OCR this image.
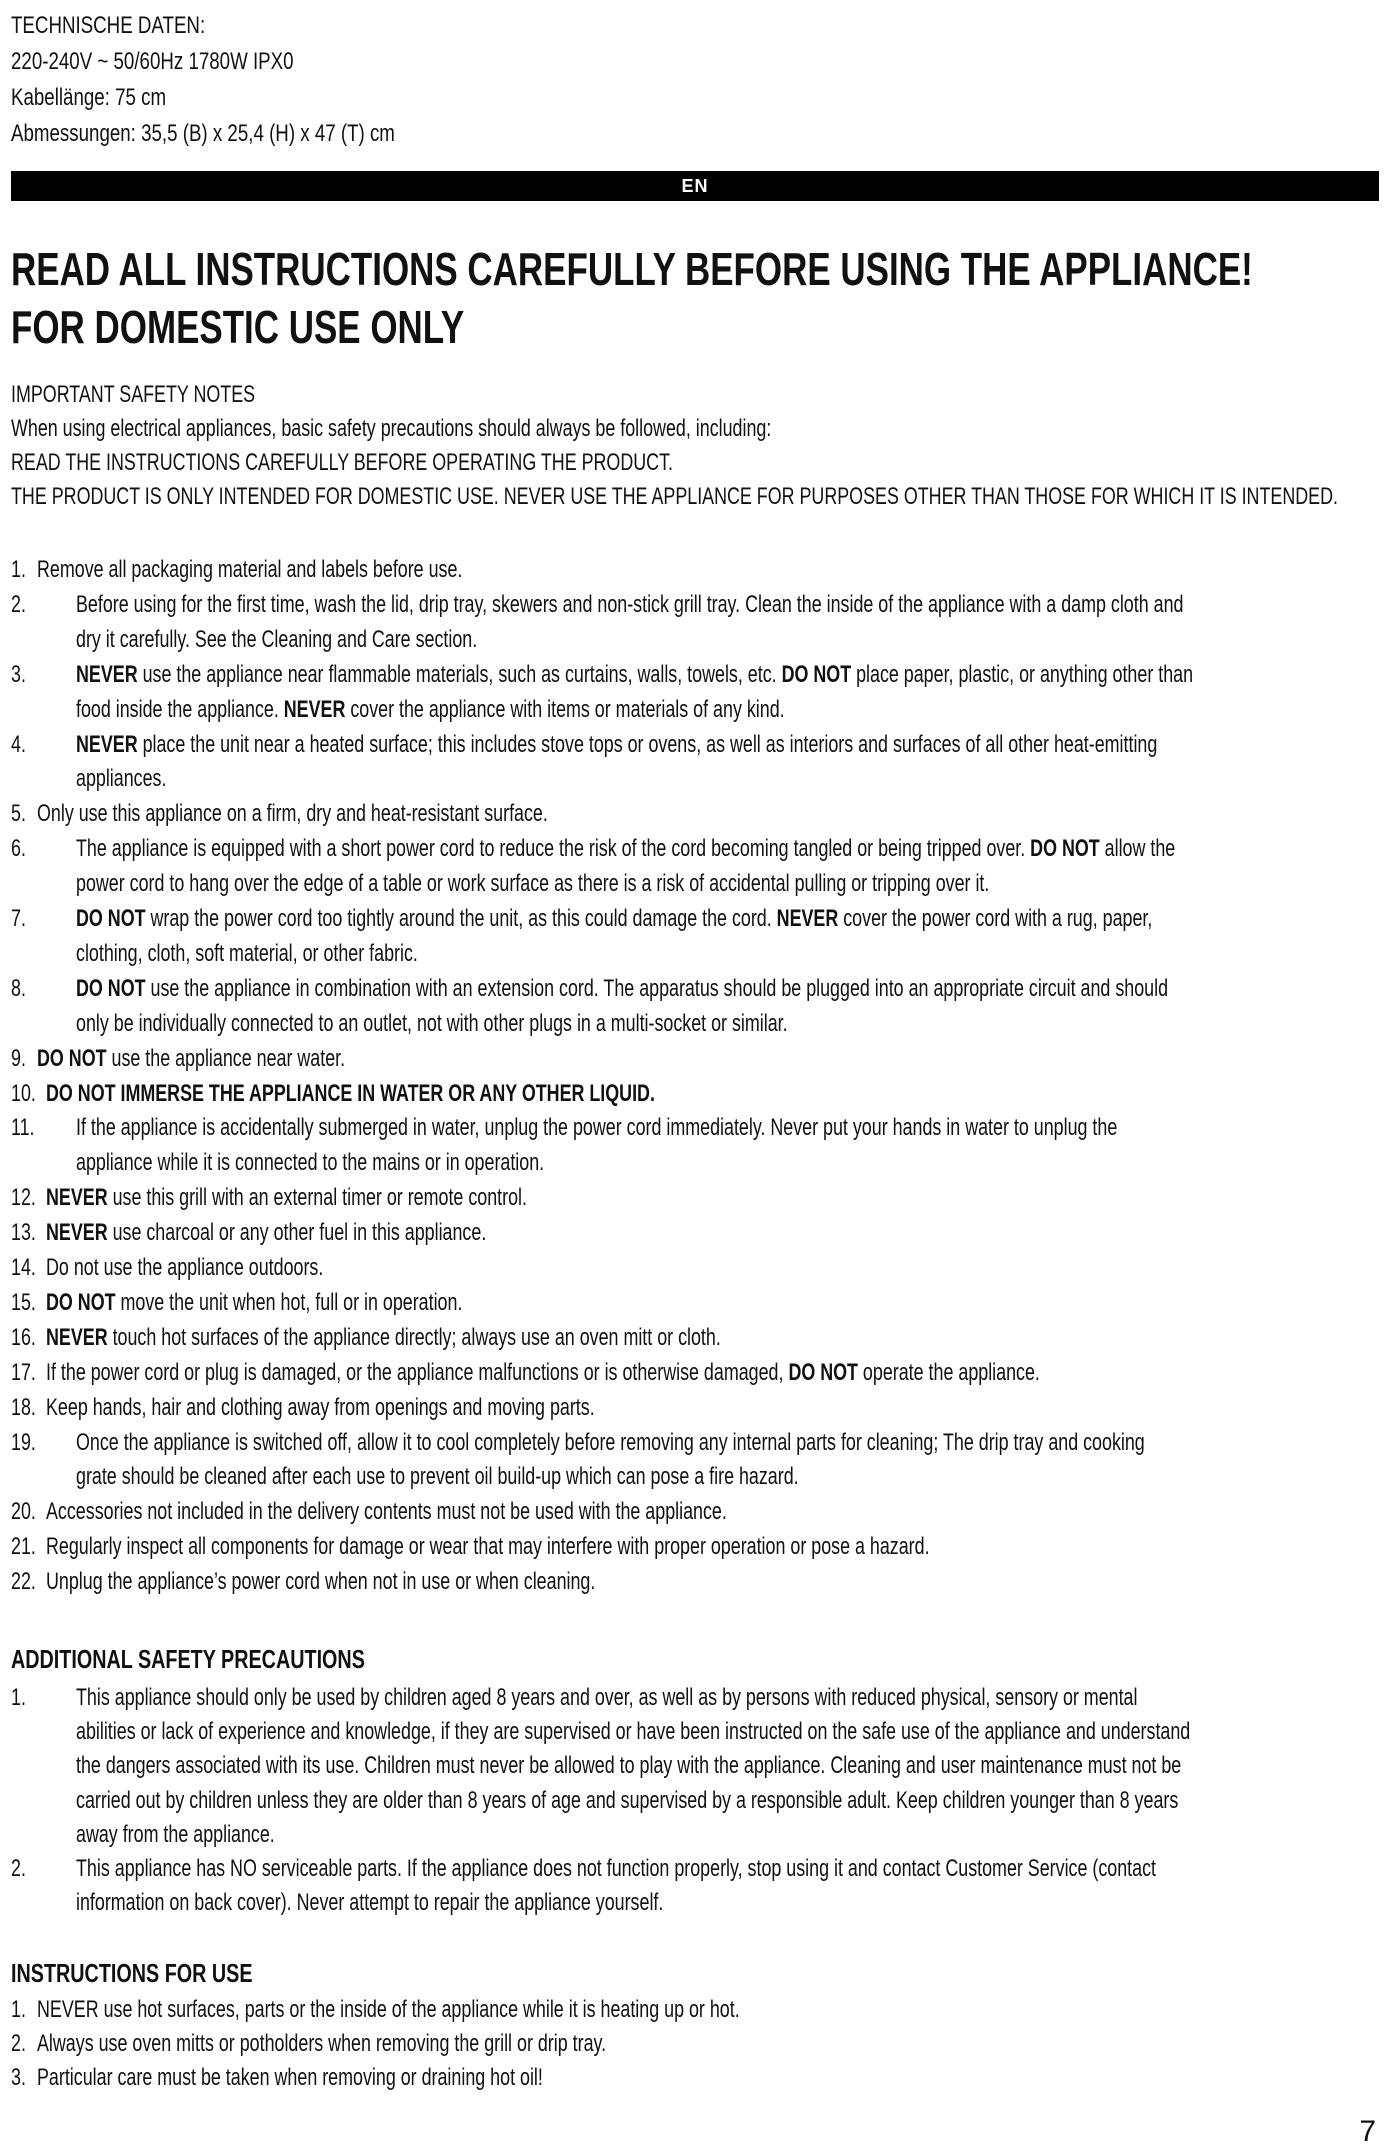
TECHNISCHE DATEN:
220-240V ~ 50/60Hz 1780W IPX0
Kabellänge: 75 cm
Abmessungen: 35,5 (B) x 25,4 (H) x 47 (T) cm
EN
READ ALL INSTRUCTIONS CAREFULLY BEFORE USING THE APPLIANCE!
FOR DOMESTIC USE ONLY
IMPORTANT SAFETY NOTES
When using electrical appliances, basic safety precautions should always be followed, including:
READ THE INSTRUCTIONS CAREFULLY BEFORE OPERATING THE PRODUCT.
THE PRODUCT IS ONLY INTENDED FOR DOMESTIC USE. NEVER USE THE APPLIANCE FOR PURPOSES OTHER THAN THOSE FOR WHICH IT IS INTENDED.
1. Remove all packaging material and labels before use.
2. Before using for the first time, wash the lid, drip tray, skewers and non-stick grill tray. Clean the inside of the appliance with a damp cloth and
dry it carefully. See the Cleaning and Care section.
3. NEVER use the appliance near flammable materials, such as curtains, walls, towels, etc. DO NOT place paper, plastic, or anything other than
food inside the appliance. NEVER cover the appliance with items or materials of any kind.
4. NEVER place the unit near a heated surface; this includes stove tops or ovens, as well as interiors and surfaces of all other heat-emitting
appliances.
5. Only use this appliance on a firm, dry and heat-resistant surface.
6. The appliance is equipped with a short power cord to reduce the risk of the cord becoming tangled or being tripped over. DO NOT allow the
power cord to hang over the edge of a table or work surface as there is a risk of accidental pulling or tripping over it.
7. DO NOT wrap the power cord too tightly around the unit, as this could damage the cord. NEVER cover the power cord with a rug, paper,
clothing, cloth, soft material, or other fabric.
8. DO NOT use the appliance in combination with an extension cord. The apparatus should be plugged into an appropriate circuit and should
only be individually connected to an outlet, not with other plugs in a multi-socket or similar.
9. DO NOT use the appliance near water.
10. DO NOT IMMERSE THE APPLIANCE IN WATER OR ANY OTHER LIQUID.
11. If the appliance is accidentally submerged in water, unplug the power cord immediately. Never put your hands in water to unplug the
appliance while it is connected to the mains or in operation.
12. NEVER use this grill with an external timer or remote control.
13. NEVER use charcoal or any other fuel in this appliance.
14. Do not use the appliance outdoors.
15. DO NOT move the unit when hot, full or in operation.
16. NEVER touch hot surfaces of the appliance directly; always use an oven mitt or cloth.
17. If the power cord or plug is damaged, or the appliance malfunctions or is otherwise damaged, DO NOT operate the appliance.
18. Keep hands, hair and clothing away from openings and moving parts.
19. Once the appliance is switched off, allow it to cool completely before removing any internal parts for cleaning; The drip tray and cooking
grate should be cleaned after each use to prevent oil build-up which can pose a fire hazard.
20. Accessories not included in the delivery contents must not be used with the appliance.
21. Regularly inspect all components for damage or wear that may interfere with proper operation or pose a hazard.
22. Unplug the appliance’s power cord when not in use or when cleaning.
ADDITIONAL SAFETY PRECAUTIONS
1. This appliance should only be used by children aged 8 years and over, as well as by persons with reduced physical, sensory or mental
abilities or lack of experience and knowledge, if they are supervised or have been instructed on the safe use of the appliance and understand
the dangers associated with its use. Children must never be allowed to play with the appliance. Cleaning and user maintenance must not be
carried out by children unless they are older than 8 years of age and supervised by a responsible adult. Keep children younger than 8 years
away from the appliance.
2. This appliance has NO serviceable parts. If the appliance does not function properly, stop using it and contact Customer Service (contact
information on back cover). Never attempt to repair the appliance yourself.
INSTRUCTIONS FOR USE
1. NEVER use hot surfaces, parts or the inside of the appliance while it is heating up or hot.
2. Always use oven mitts or potholders when removing the grill or drip tray.
3. Particular care must be taken when removing or draining hot oil!
7
